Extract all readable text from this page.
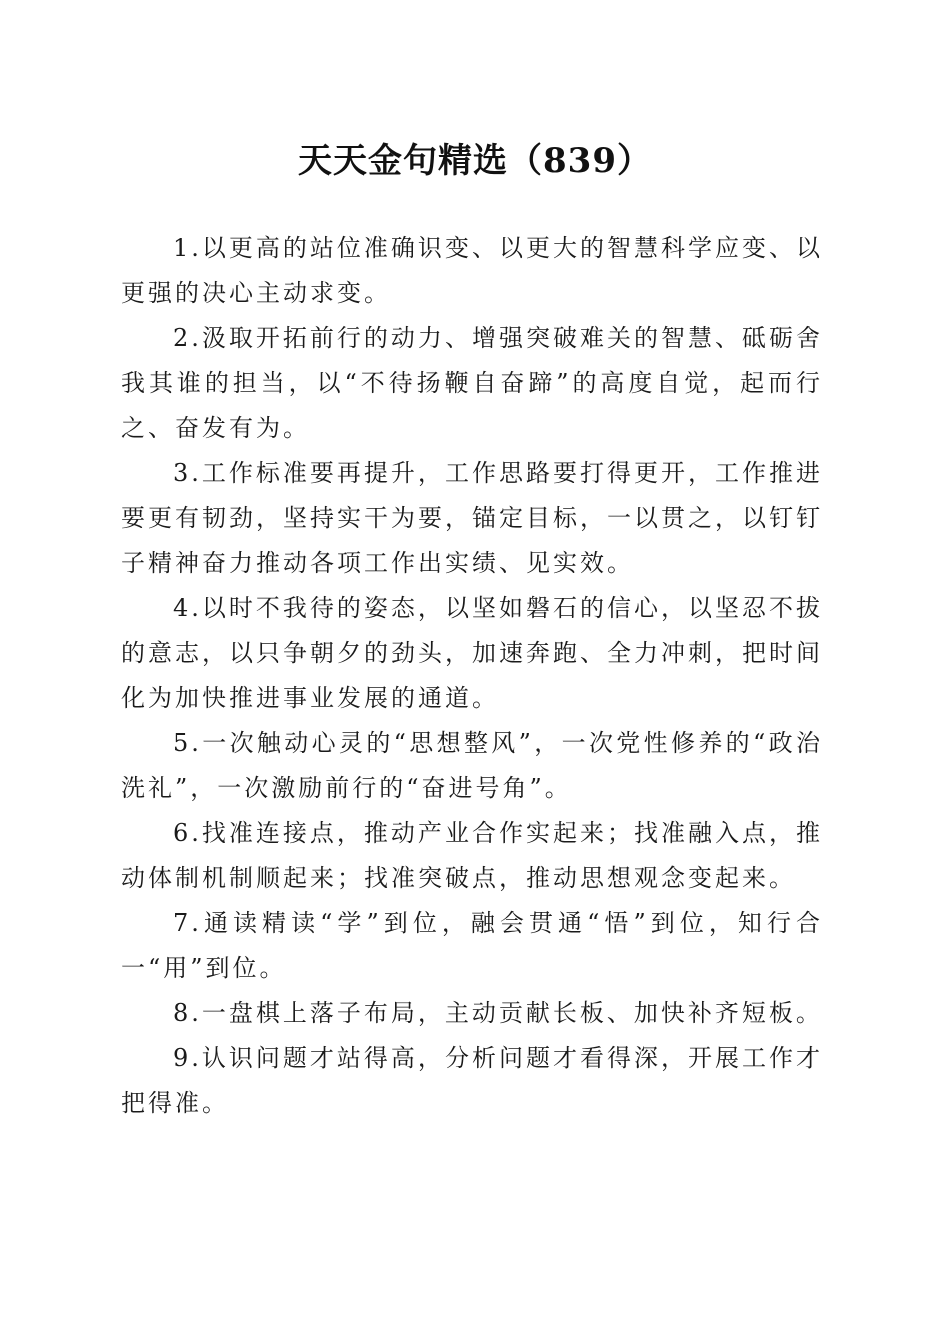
天天金句精选（839）

1.以更高的站位准确识变、以更大的智慧科学应变、以更强的决心主动求变。

2.汲取开拓前行的动力、增强突破难关的智慧、砥砺舍我其谁的担当，以“不待扬鞭自奋蹄”的高度自觉，起而行之、奋发有为。

3.工作标准要再提升，工作思路要打得更开，工作推进要更有韧劲，坚持实干为要，锚定目标，一以贯之，以钉钉子精神奋力推动各项工作出实绩、见实效。

4.以时不我待的姿态，以坚如磐石的信心，以坚忍不拔的意志，以只争朝夕的劲头，加速奔跑、全力冲刺，把时间化为加快推进事业发展的通道。

5.一次触动心灵的“思想整风”，一次党性修养的“政治洗礼”，一次激励前行的“奋进号角”。

6.找准连接点，推动产业合作实起来；找准融入点，推动体制机制顺起来；找准突破点，推动思想观念变起来。

7.通读精读“学”到位，融会贯通“悟”到位，知行合一“用”到位。

8.一盘棋上落子布局，主动贡献长板、加快补齐短板。

9.认识问题才站得高，分析问题才看得深，开展工作才把得准。
